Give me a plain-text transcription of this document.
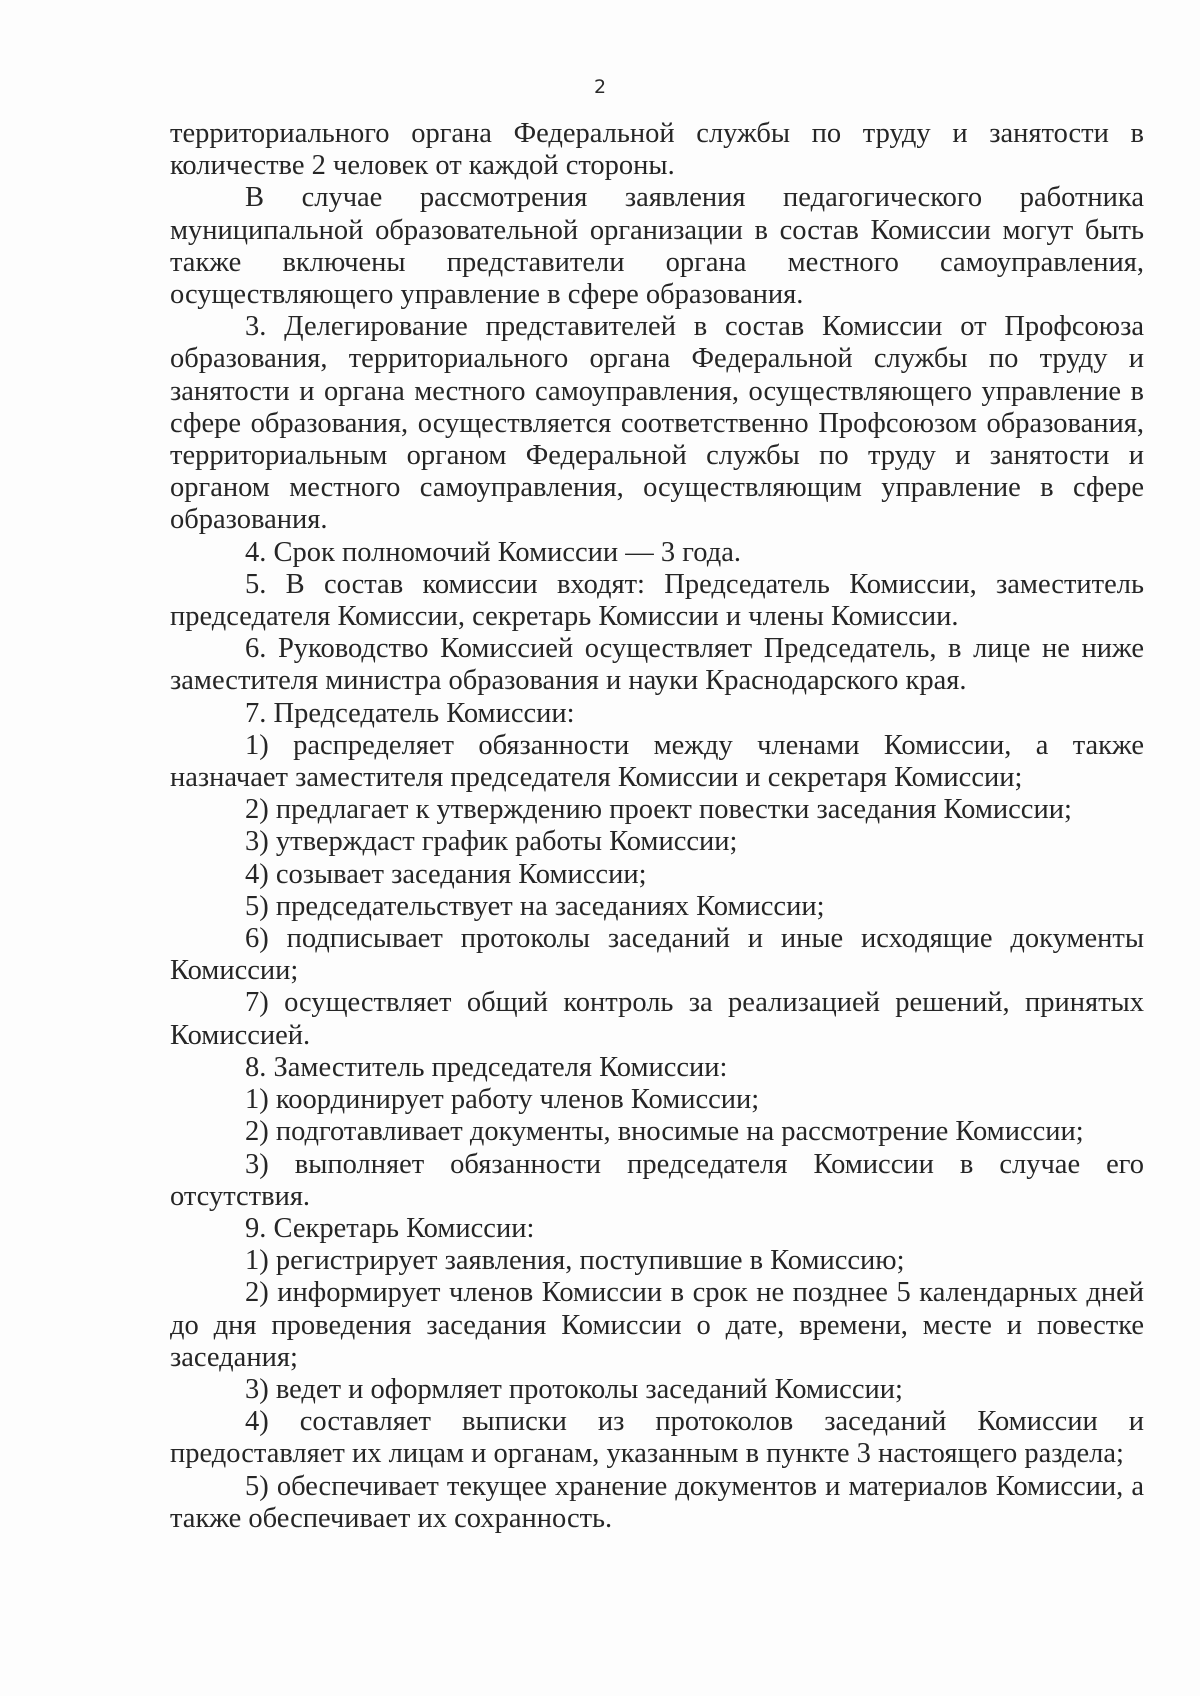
2

территориального органа Федеральной службы по труду и занятости в количестве 2 человек от каждой стороны.

В случае рассмотрения заявления педагогического работника муниципальной образовательной организации в состав Комиссии могут быть также включены представители органа местного самоуправления, осуществляющего управление в сфере образования.

3. Делегирование представителей в состав Комиссии от Профсоюза образования, территориального органа Федеральной службы по труду и занятости и органа местного самоуправления, осуществляющего управление в сфере образования, осуществляется соответственно Профсоюзом образования, территориальным органом Федеральной службы по труду и занятости и органом местного самоуправления, осуществляющим управление в сфере образования.

4. Срок полномочий Комиссии — 3 года.

5. В состав комиссии входят: Председатель Комиссии, заместитель председателя Комиссии, секретарь Комиссии и члены Комиссии.

6. Руководство Комиссией осуществляет Председатель, в лице не ниже заместителя министра образования и науки Краснодарского края.

7. Председатель Комиссии:

1) распределяет обязанности между членами Комиссии, а также назначает заместителя председателя Комиссии и секретаря Комиссии;

2) предлагает к утверждению проект повестки заседания Комиссии;

3) утверждаст график работы Комиссии;

4) созывает заседания Комиссии;

5) председательствует на заседаниях Комиссии;

6) подписывает протоколы заседаний и иные исходящие документы Комиссии;

7) осуществляет общий контроль за реализацией решений, принятых Комиссией.

8. Заместитель председателя Комиссии:

1) координирует работу членов Комиссии;

2) подготавливает документы, вносимые на рассмотрение Комиссии;

3) выполняет обязанности председателя Комиссии в случае его отсутствия.

9. Секретарь Комиссии:

1) регистрирует заявления, поступившие в Комиссию;

2) информирует членов Комиссии в срок не позднее 5 календарных дней до дня проведения заседания Комиссии о дате, времени, месте и повестке заседания;

3) ведет и оформляет протоколы заседаний Комиссии;

4) составляет выписки из протоколов заседаний Комиссии и предоставляет их лицам и органам, указанным в пункте 3 настоящего раздела;

5) обеспечивает текущее хранение документов и материалов Комиссии, а также обеспечивает их сохранность.
